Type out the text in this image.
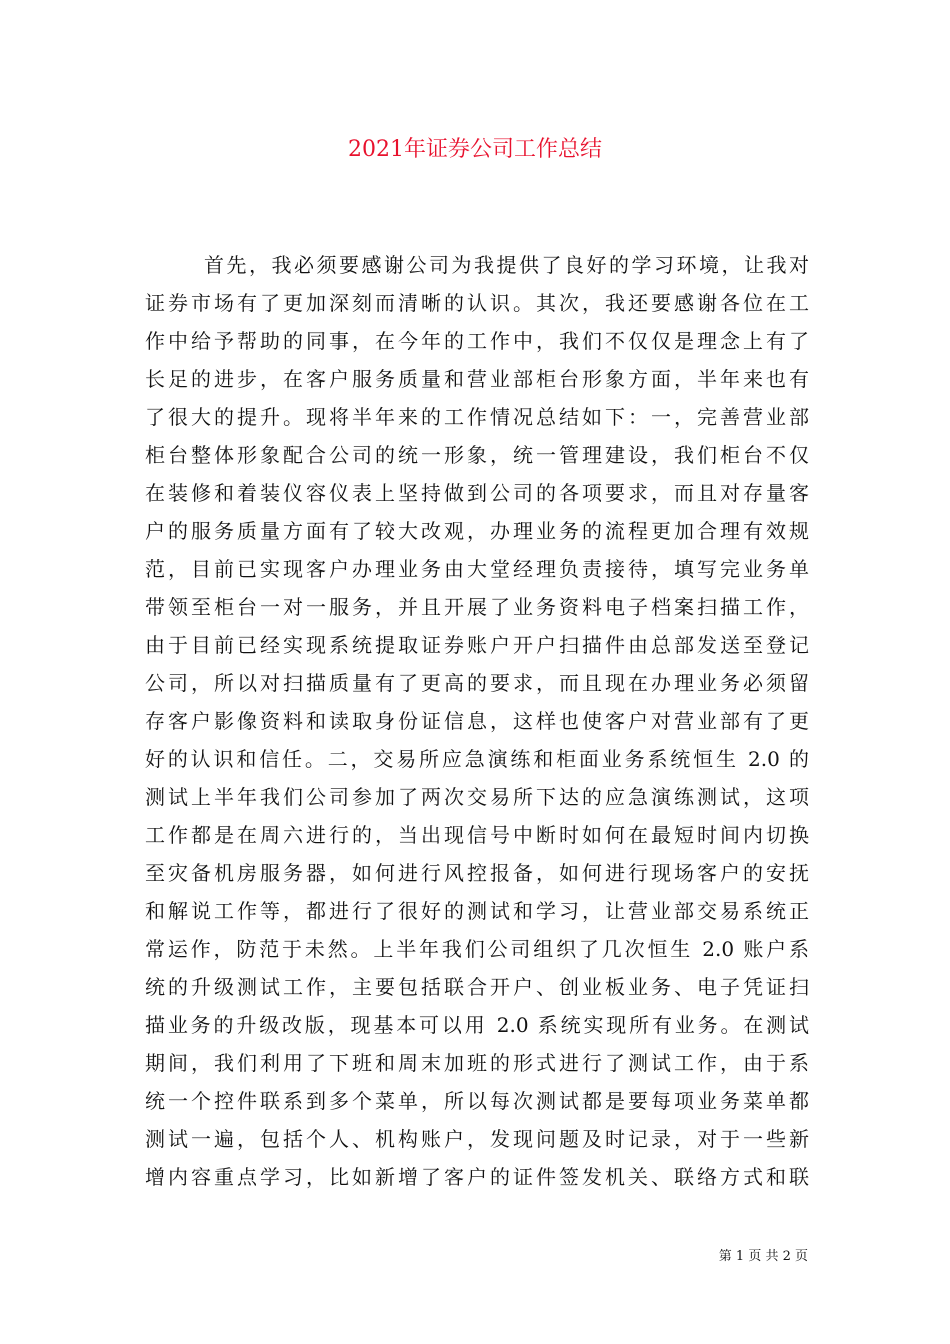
2021年证券公司工作总结
首先，我必须要感谢公司为我提供了良好的学习环境，让我对
证券市场有了更加深刻而清晰的认识。其次，我还要感谢各位在工
作中给予帮助的同事，在今年的工作中，我们不仅仅是理念上有了
长足的进步，在客户服务质量和营业部柜台形象方面，半年来也有
了很大的提升。现将半年来的工作情况总结如下：一，完善营业部
柜台整体形象配合公司的统一形象，统一管理建设，我们柜台不仅
在装修和着装仪容仪表上坚持做到公司的各项要求，而且对存量客
户的服务质量方面有了较大改观，办理业务的流程更加合理有效规
范，目前已实现客户办理业务由大堂经理负责接待，填写完业务单
带领至柜台一对一服务，并且开展了业务资料电子档案扫描工作，
由于目前已经实现系统提取证券账户开户扫描件由总部发送至登记
公司，所以对扫描质量有了更高的要求，而且现在办理业务必须留
存客户影像资料和读取身份证信息，这样也使客户对营业部有了更
好的认识和信任。二，交易所应急演练和柜面业务系统恒生 2.0 的
测试上半年我们公司参加了两次交易所下达的应急演练测试，这项
工作都是在周六进行的，当出现信号中断时如何在最短时间内切换
至灾备机房服务器，如何进行风控报备，如何进行现场客户的安抚
和解说工作等，都进行了很好的测试和学习，让营业部交易系统正
常运作，防范于未然。上半年我们公司组织了几次恒生 2.0 账户系
统的升级测试工作，主要包括联合开户、创业板业务、电子凭证扫
描业务的升级改版，现基本可以用 2.0 系统实现所有业务。在测试
期间，我们利用了下班和周末加班的形式进行了测试工作，由于系
统一个控件联系到多个菜单，所以每次测试都是要每项业务菜单都
测试一遍，包括个人、机构账户，发现问题及时记录，对于一些新
增内容重点学习，比如新增了客户的证件签发机关、联络方式和联
第 1 页 共 2 页
